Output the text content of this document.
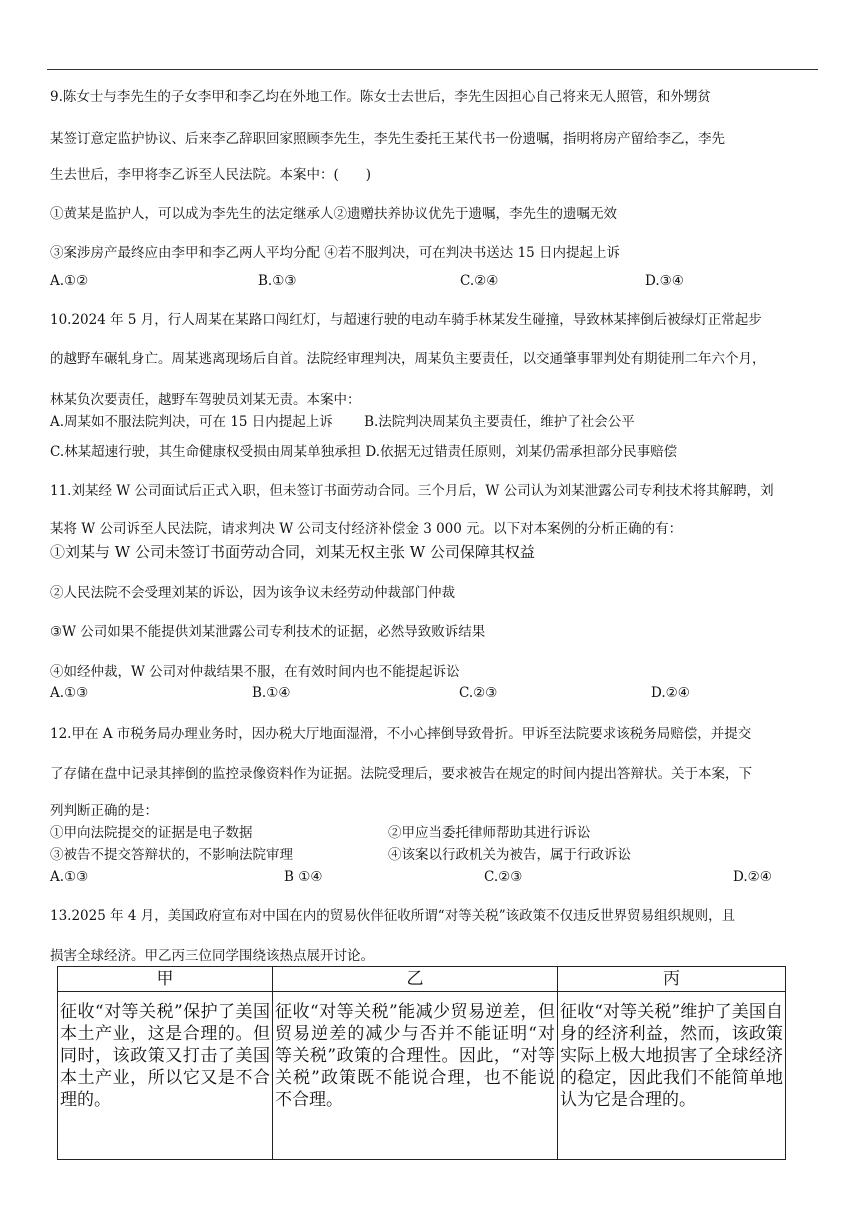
9.陈女士与李先生的子女李甲和李乙均在外地工作。陈女士去世后，李先生因担心自己将来无人照管，和外甥贫
某签订意定监护协议、后来李乙辞职回家照顾李先生，李先生委托王某代书一份遗嘱，指明将房产留给李乙，李先
生去世后，李甲将李乙诉至人民法院。本案中：(　　)
①黄某是监护人，可以成为李先生的法定继承人②遗赠扶养协议优先于遗嘱，李先生的遗嘱无效
③案涉房产最终应由李甲和李乙两人平均分配 ④若不服判决，可在判决书送达 15 日内提起上诉
A.①②	B.①③	C.②④	D.③④
10.2024 年 5 月，行人周某在某路口闯红灯，与超速行驶的电动车骑手林某发生碰撞，导致林某摔倒后被绿灯正常起步
的越野车碾轧身亡。周某逃离现场后自首。法院经审理判决，周某负主要责任，以交通肇事罪判处有期徒刑二年六个月，
林某负次要责任，越野车驾驶员刘某无责。本案中：
A.周某如不服法院判决，可在 15 日内提起上诉　　 B.法院判决周某负主要责任，维护了社会公平
C.林某超速行驶，其生命健康权受损由周某单独承担 D.依据无过错责任原则，刘某仍需承担部分民事赔偿
11.刘某经 W 公司面试后正式入职，但未签订书面劳动合同。三个月后，W 公司认为刘某泄露公司专利技术将其解聘，刘
某将 W 公司诉至人民法院，请求判决 W 公司支付经济补偿金 3 000 元。以下对本案例的分析正确的有：
①刘某与 W 公司未签订书面劳动合同，刘某无权主张 W 公司保障其权益
②人民法院不会受理刘某的诉讼，因为该争议未经劳动仲裁部门仲裁
③W 公司如果不能提供刘某泄露公司专利技术的证据，必然导致败诉结果
④如经仲裁，W 公司对仲裁结果不服，在有效时间内也不能提起诉讼
A.①③	B.①④	C.②③	D.②④
12.甲在 A 市税务局办理业务时，因办税大厅地面湿滑，不小心摔倒导致骨折。甲诉至法院要求该税务局赔偿，并提交
了存储在盘中记录其摔倒的监控录像资料作为证据。法院受理后，要求被告在规定的时间内提出答辩状。关于本案，下
列判断正确的是：
①甲向法院提交的证据是电子数据	②甲应当委托律师帮助其进行诉讼
③被告不提交答辩状的，不影响法院审理	④该案以行政机关为被告，属于行政诉讼
A.①③	B ①④	C.②③	D.②④
13.2025 年 4 月，美国政府宣布对中国在内的贸易伙伴征收所谓“对等关税”该政策不仅违反世界贸易组织规则，且
损害全球经济。甲乙丙三位同学围绕该热点展开讨论。
甲	乙	丙
征收“对等关税”保护了美国本土产业，这是合理的。但同时，该政策又打击了美国本土产业，所以它又是不合理的。	征收“对等关税”能减少贸易逆差，但贸易逆差的减少与否并不能证明“对等关税”政策的合理性。因此，“对等关税”政策既不能说合理，也不能说不合理。	征收“对等关税”维护了美国自身的经济利益，然而，该政策实际上极大地损害了全球经济的稳定，因此我们不能简单地认为它是合理的。
